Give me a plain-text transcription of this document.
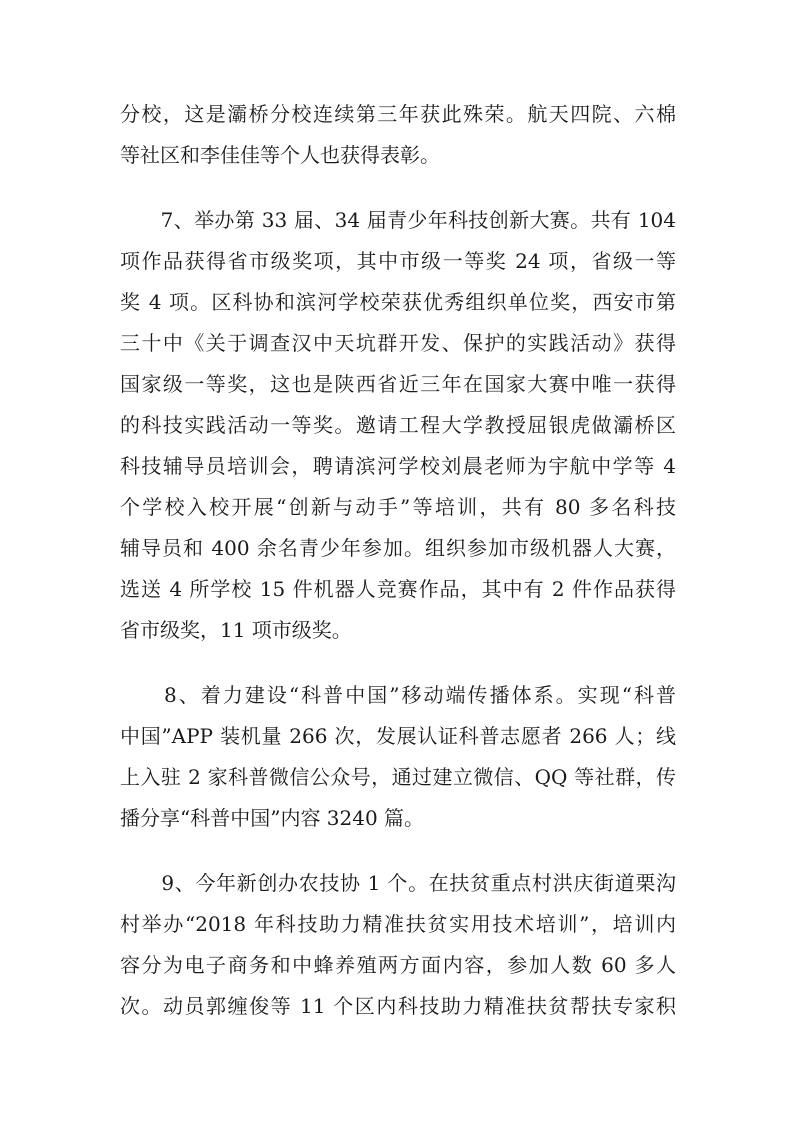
分校，这是灞桥分校连续第三年获此殊荣。航天四院、六棉
等社区和李佳佳等个人也获得表彰。
　　7、举办第 33 届、34 届青少年科技创新大赛。共有 104
项作品获得省市级奖项，其中市级一等奖 24 项，省级一等
奖 4 项。区科协和滨河学校荣获优秀组织单位奖，西安市第
三十中《关于调查汉中天坑群开发、保护的实践活动》获得
国家级一等奖，这也是陕西省近三年在国家大赛中唯一获得
的科技实践活动一等奖。邀请工程大学教授屈银虎做灞桥区
科技辅导员培训会，聘请滨河学校刘晨老师为宇航中学等 4
个学校入校开展“创新与动手”等培训，共有 80 多名科技
辅导员和 400 余名青少年参加。组织参加市级机器人大赛，
选送 4 所学校 15 件机器人竞赛作品，其中有 2 件作品获得
省市级奖，11 项市级奖。
　　8、着力建设“科普中国”移动端传播体系。实现“科普
中国”APP 装机量 266 次，发展认证科普志愿者 266 人；线
上入驻 2 家科普微信公众号，通过建立微信、QQ 等社群，传
播分享“科普中国”内容 3240 篇。
　　9、今年新创办农技协 1 个。在扶贫重点村洪庆街道栗沟
村举办“2018 年科技助力精准扶贫实用技术培训”，培训内
容分为电子商务和中蜂养殖两方面内容，参加人数 60 多人
次。动员郭缠俊等 11 个区内科技助力精准扶贫帮扶专家积
